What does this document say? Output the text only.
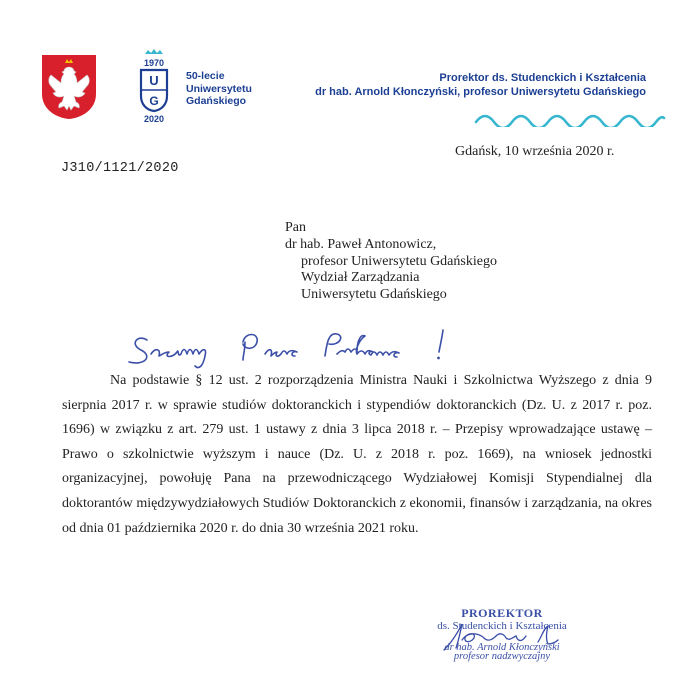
1970
U
G
2020
50-lecie
Uniwersytetu
Gdańskiego
Prorektor ds. Studenckich i Kształcenia
dr hab. Arnold Kłonczyński, profesor Uniwersytetu Gdańskiego
Gdańsk, 10 września 2020 r.
J310/1121/2020
Pan
dr hab. Paweł Antonowicz,
profesor Uniwersytetu Gdańskiego
Wydział Zarządzania
Uniwersytetu Gdańskiego

Na podstawie § 12 ust. 2 rozporządzenia Ministra Nauki i Szkolnictwa Wyższego z dnia 9 sierpnia 2017 r. w sprawie studiów doktoranckich i stypendiów doktoranckich (Dz. U. z 2017 r. poz. 1696) w związku z art. 279 ust. 1 ustawy z dnia 3 lipca 2018 r. – Przepisy wprowadzające ustawę – Prawo o szkolnictwie wyższym i nauce (Dz. U. z 2018 r. poz. 1669), na wniosek jednostki organizacyjnej, powołuję Pana na przewodniczącego Wydziałowej Komisji Stypendialnej dla doktorantów międzywydziałowych Studiów Doktoranckich z ekonomii, finansów i zarządzania, na okres od dnia 01 października 2020 r. do dnia 30 września 2021 roku.

PROREKTOR
ds. Studenckich i Kształcenia
dr hab. Arnold Kłonczyński
profesor nadzwyczajny
